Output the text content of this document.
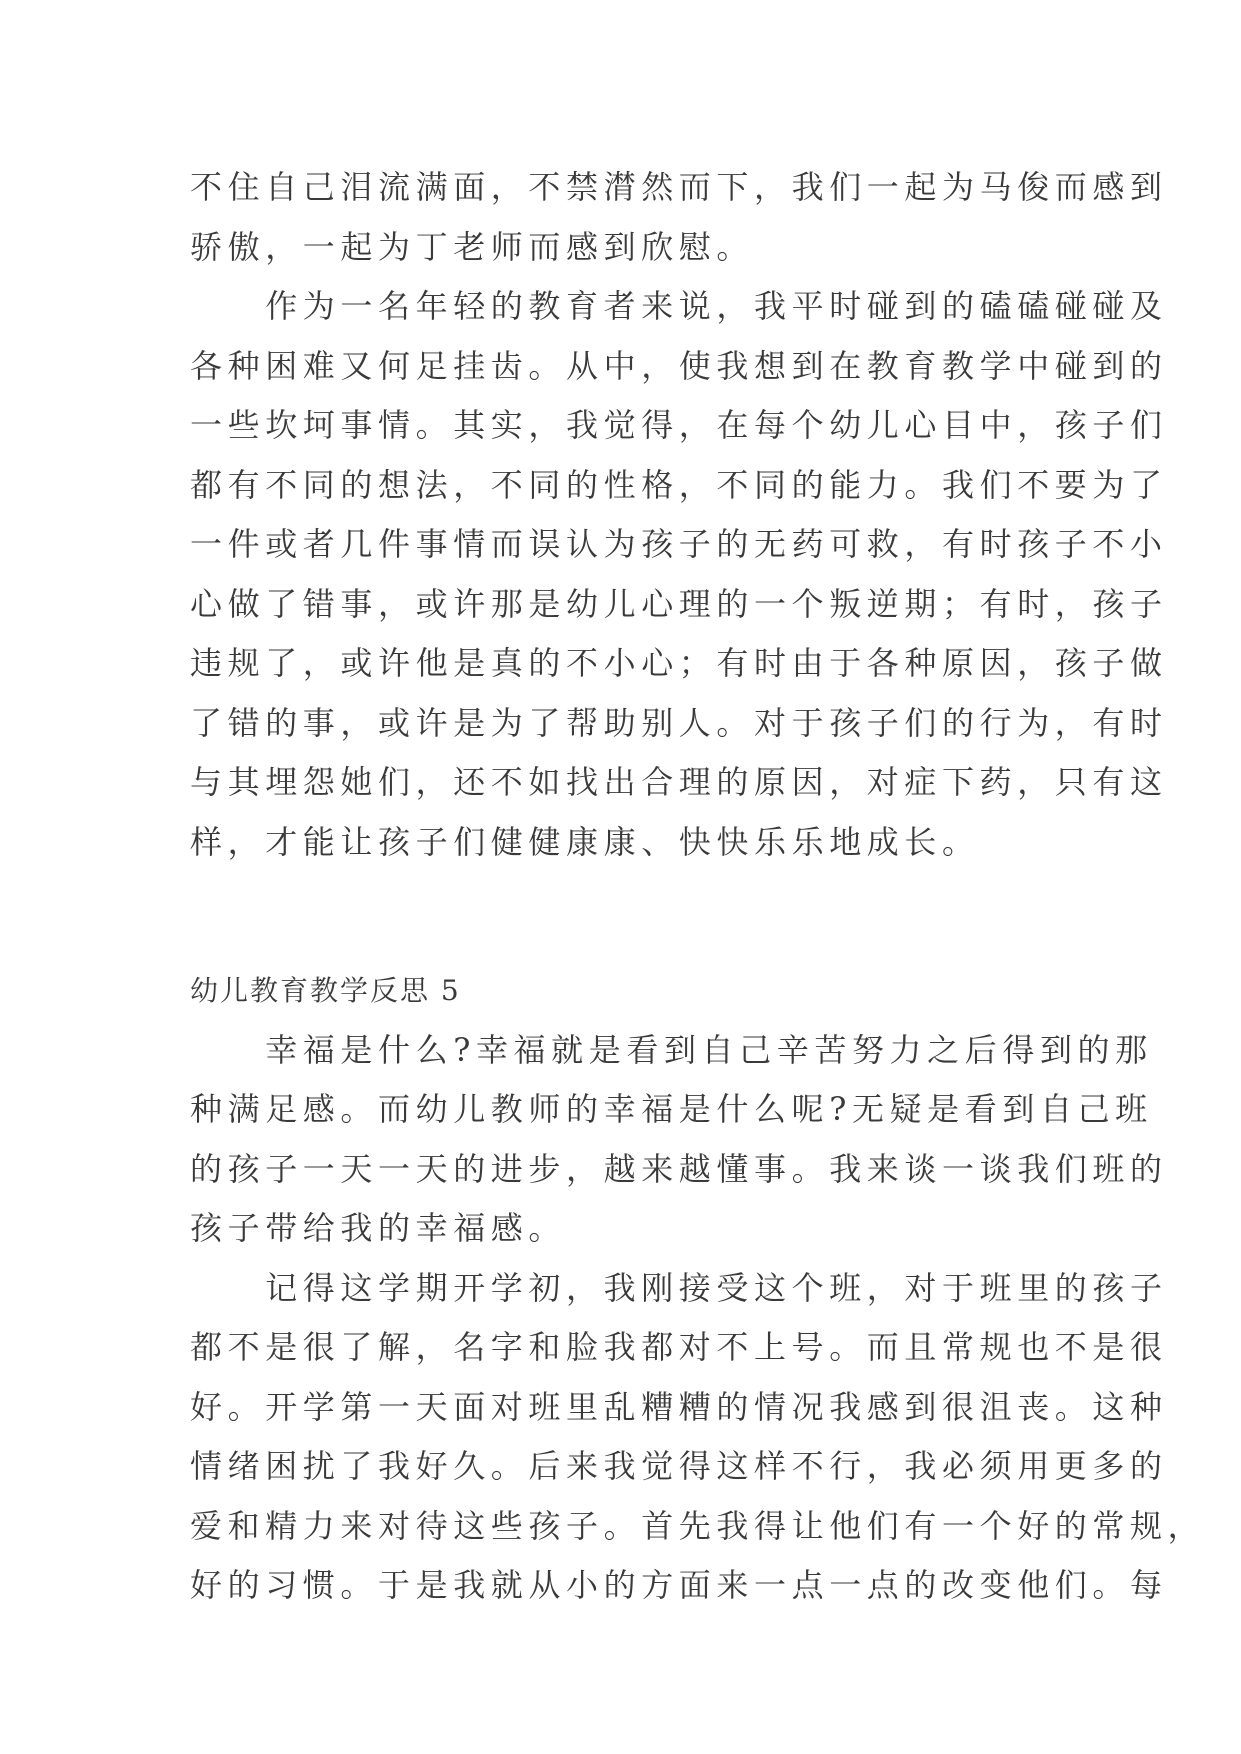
不住自己泪流满面，不禁潸然而下，我们一起为马俊而感到
骄傲，一起为丁老师而感到欣慰。
　　作为一名年轻的教育者来说，我平时碰到的磕磕碰碰及
各种困难又何足挂齿。从中，使我想到在教育教学中碰到的
一些坎坷事情。其实，我觉得，在每个幼儿心目中，孩子们
都有不同的想法，不同的性格，不同的能力。我们不要为了
一件或者几件事情而误认为孩子的无药可救，有时孩子不小
心做了错事，或许那是幼儿心理的一个叛逆期；有时，孩子
违规了，或许他是真的不小心；有时由于各种原因，孩子做
了错的事，或许是为了帮助别人。对于孩子们的行为，有时
与其埋怨她们，还不如找出合理的原因，对症下药，只有这
样，才能让孩子们健健康康、快快乐乐地成长。
幼儿教育教学反思 5
　　幸福是什么?幸福就是看到自己辛苦努力之后得到的那
种满足感。而幼儿教师的幸福是什么呢?无疑是看到自己班
的孩子一天一天的进步，越来越懂事。我来谈一谈我们班的
孩子带给我的幸福感。
　　记得这学期开学初，我刚接受这个班，对于班里的孩子
都不是很了解，名字和脸我都对不上号。而且常规也不是很
好。开学第一天面对班里乱糟糟的情况我感到很沮丧。这种
情绪困扰了我好久。后来我觉得这样不行，我必须用更多的
爱和精力来对待这些孩子。首先我得让他们有一个好的常规，
好的习惯。于是我就从小的方面来一点一点的改变他们。每
